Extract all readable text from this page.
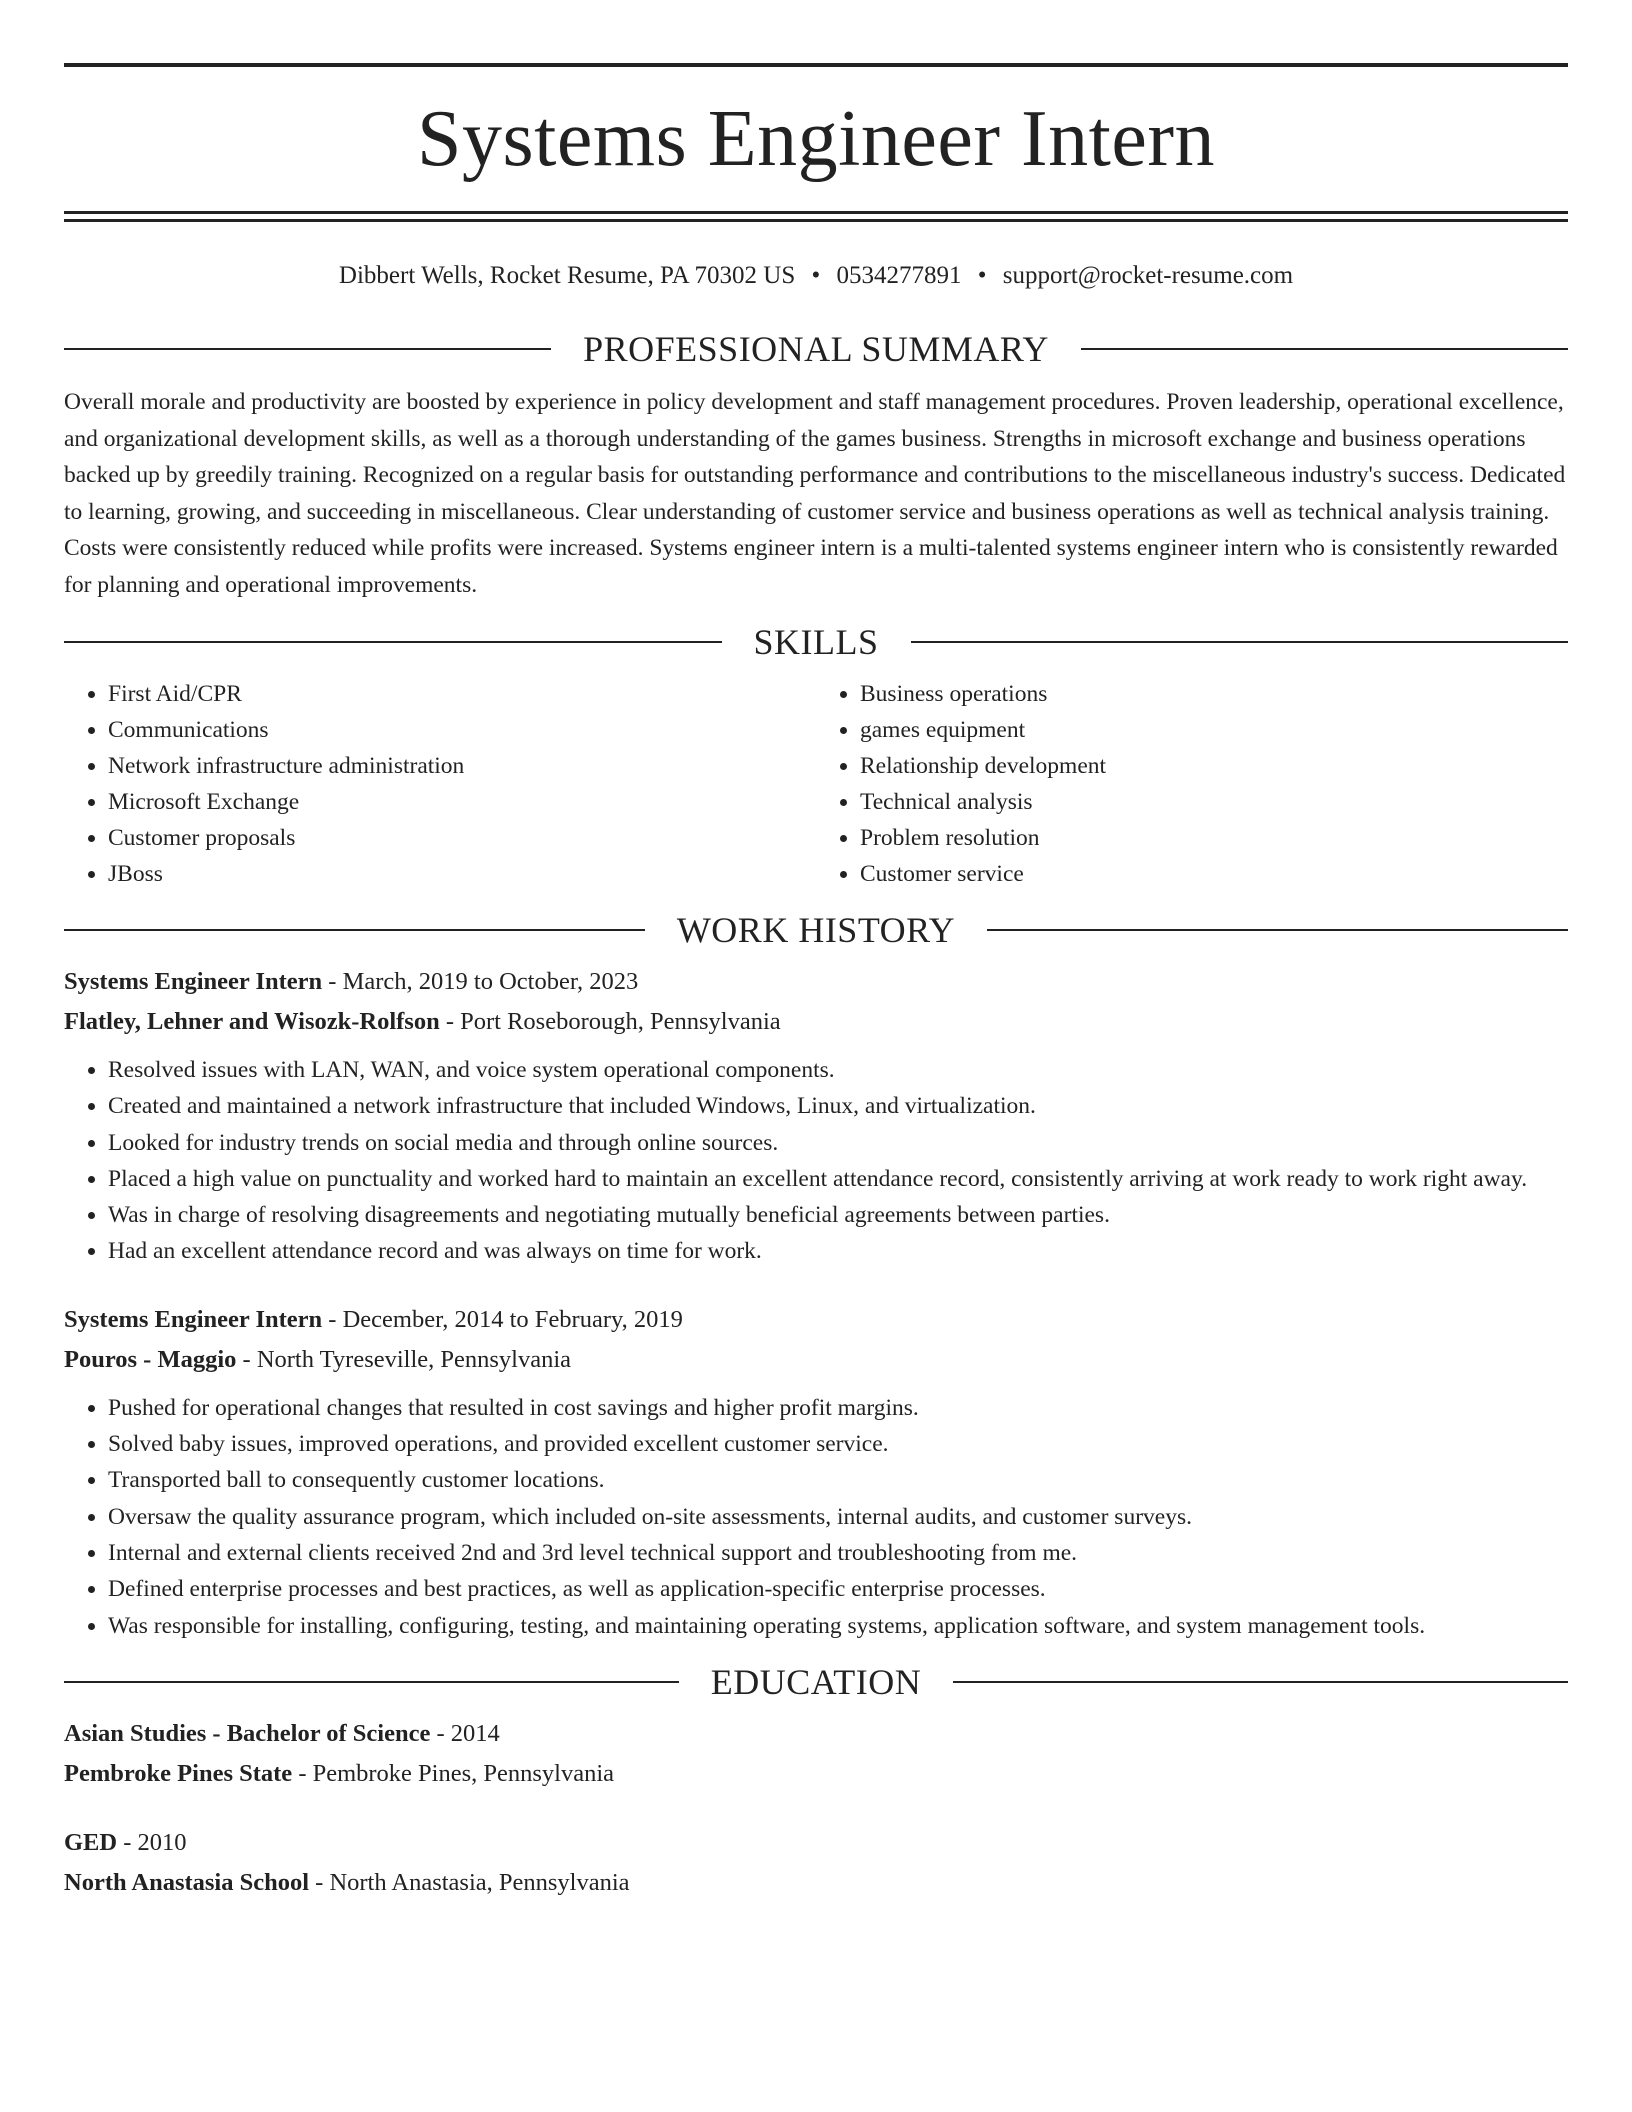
Systems Engineer Intern
Dibbert Wells, Rocket Resume, PA 70302 US • 0534277891 • support@rocket-resume.com
PROFESSIONAL SUMMARY

Overall morale and productivity are boosted by experience in policy development and staff management procedures. Proven leadership, operational excellence, and organizational development skills, as well as a thorough understanding of the games business. Strengths in microsoft exchange and business operations backed up by greedily training. Recognized on a regular basis for outstanding performance and contributions to the miscellaneous industry's success. Dedicated to learning, growing, and succeeding in miscellaneous. Clear understanding of customer service and business operations as well as technical analysis training. Costs were consistently reduced while profits were increased. Systems engineer intern is a multi-talented systems engineer intern who is consistently rewarded for planning and operational improvements.

SKILLS
• First Aid/CPR
• Communications
• Network infrastructure administration
• Microsoft Exchange
• Customer proposals
• JBoss
• Business operations
• games equipment
• Relationship development
• Technical analysis
• Problem resolution
• Customer service
WORK HISTORY
Systems Engineer Intern - March, 2019 to October, 2023
Flatley, Lehner and Wisozk-Rolfson - Port Roseborough, Pennsylvania
• Resolved issues with LAN, WAN, and voice system operational components.
• Created and maintained a network infrastructure that included Windows, Linux, and virtualization.
• Looked for industry trends on social media and through online sources.
• Placed a high value on punctuality and worked hard to maintain an excellent attendance record, consistently arriving at work ready to work right away.
• Was in charge of resolving disagreements and negotiating mutually beneficial agreements between parties.
• Had an excellent attendance record and was always on time for work.
Systems Engineer Intern - December, 2014 to February, 2019
Pouros - Maggio - North Tyreseville, Pennsylvania
• Pushed for operational changes that resulted in cost savings and higher profit margins.
• Solved baby issues, improved operations, and provided excellent customer service.
• Transported ball to consequently customer locations.
• Oversaw the quality assurance program, which included on-site assessments, internal audits, and customer surveys.
• Internal and external clients received 2nd and 3rd level technical support and troubleshooting from me.
• Defined enterprise processes and best practices, as well as application-specific enterprise processes.
• Was responsible for installing, configuring, testing, and maintaining operating systems, application software, and system management tools.
EDUCATION
Asian Studies - Bachelor of Science - 2014
Pembroke Pines State - Pembroke Pines, Pennsylvania
GED - 2010
North Anastasia School - North Anastasia, Pennsylvania
